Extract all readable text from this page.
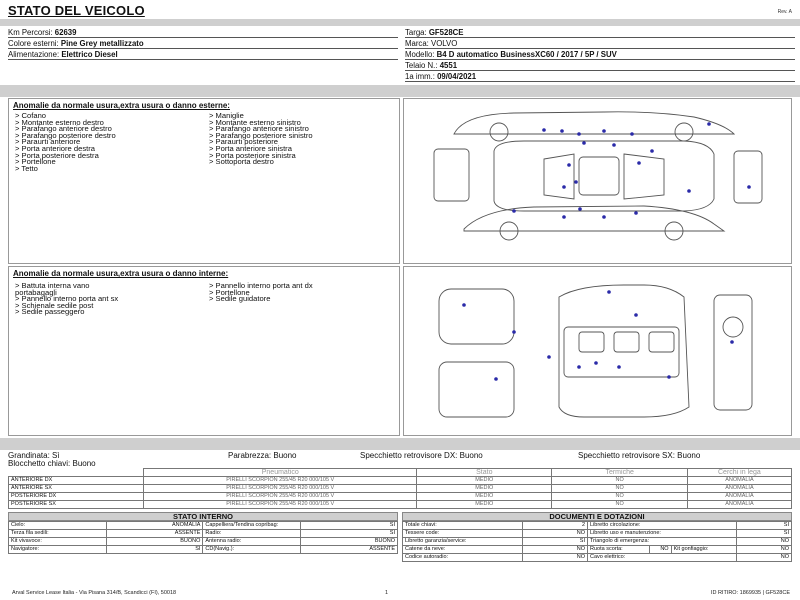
STATO DEL VEICOLO	Rev. A
Km Percorsi: 62639
Colore esterni: Pine Grey metallizzato
Alimentazione: Elettrico Diesel
Targa: GF528CE
Marca: VOLVO
Modello: B4 D automatico BusinessXC60 / 2017 / 5P / SUV
Telaio N.: 4551
1a imm.: 09/04/2021
Anomalie da normale usura,extra usura o danno esterne:
> Cofano
> Montante esterno destro
> Parafango anteriore destro
> Parafango posteriore destro
> Paraurti anteriore
> Porta anteriore destra
> Porta posteriore destra
> Portellone
> Tetto
> Maniglie
> Montante esterno sinistro
> Parafango anteriore sinistro
> Parafango posteriore sinistro
> Paraurti posteriore
> Porta anteriore sinistra
> Porta posteriore sinistra
> Sottoporta destro
Anomalie da normale usura,extra usura o danno interne:
> Battuta interna vano
portabagagli
> Pannello interno porta ant sx
> Schienale sedile post
> Sedile passeggero
> Pannello interno porta ant dx
> Portellone
> Sedile guidatore
Grandinata: Sì	Parabrezza: Buono	Specchietto retrovisore DX: Buono	Specchietto retrovisore SX: Buono
Blocchetto chiavi: Buono
	Pneumatico	Stato	Termiche	Cerchi in lega
ANTERIORE DX	PIRELLI SCORPION 255/45 R20 000/105 V	MEDIO	NO	ANOMALIA
ANTERIORE SX	PIRELLI SCORPION 255/45 R20 000/105 V	MEDIO	NO	ANOMALIA
POSTERIORE DX	PIRELLI SCORPION 255/45 R20 000/105 V	MEDIO	NO	ANOMALIA
POSTERIORE SX	PIRELLI SCORPION 255/45 R20 000/105 V	MEDIO	NO	ANOMALIA
STATO INTERNO
Cielo:	ANOMALIA	Cappelliera/Tendina copribag:	SI
Terza fila sedili:	ASSENTE	Radio:	SI
Kit vivavoce:	BUONO	Antenna radio:	BUONO
Navigatore:	SI	CD(Navig.):	ASSENTE
DOCUMENTI E DOTAZIONI
Totale chiavi:	2	Libretto circolazione:			SI
Tessere code:	NO	Libretto uso e manutenzione:			SI
Libretto garanzia/service:	SI	Triangolo di emergenza:			NO
Catene da neve:	NO	Ruota scorta:	NO	Kit gonfiaggio:	NO
Codice autoradio:	NO	Cavo elettrico:			NO
Arval Service Lease Italia - Via Pisana 314/B, Scandicci (FI), 50018	1	ID RITIRO: 1869935 | GF528CE
